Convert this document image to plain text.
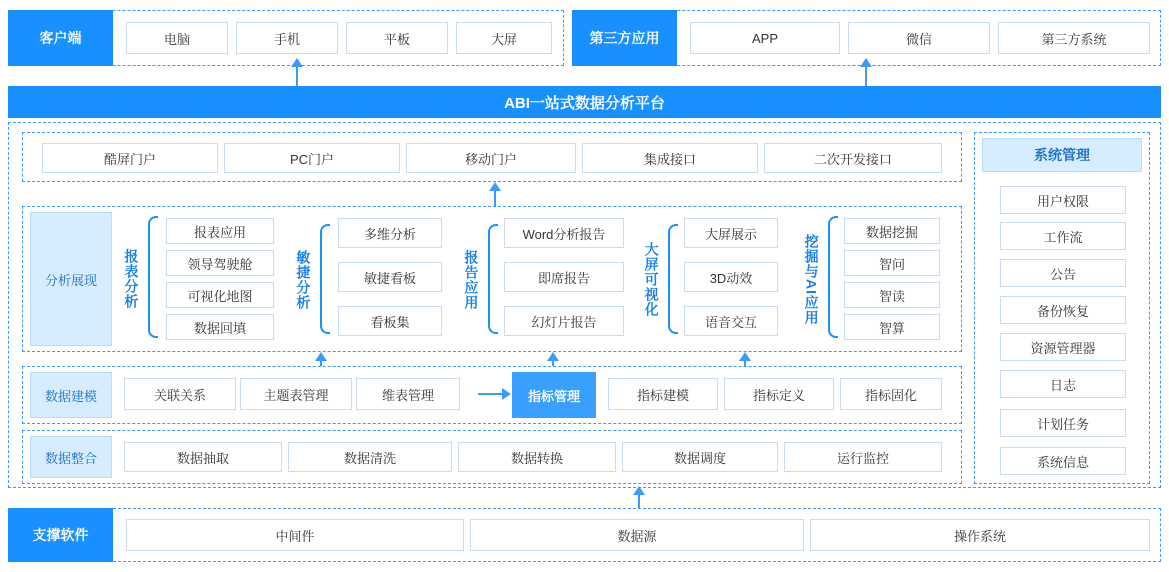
客户端	电脑	手机	平板	大屏	第三方应用	APP	微信	第三方系统
ABI一站式数据分析平台
酷屏门户	PC门户	移动门户	集成接口	二次开发接口
分析展现	报表分析
报表应用
领导驾驶舱
可视化地图
数据回填
敏捷分析
多维分析
敏捷看板
看板集
报告应用
Word分析报告
即席报告
幻灯片报告
大屏可视化
大屏展示
3D动效
语音交互	挖掘与AI应用
数据挖掘
智问
智读
智算
数据建模	关联关系	主题表管理	维表管理	指标管理	指标建模	指标定义	指标固化
数据整合	数据抽取	数据清洗	数据转换	数据调度	运行监控
系统管理
用户权限
工作流
公告
备份恢复
资源管理器
日志
计划任务
系统信息
支撑软件	中间件	数据源	操作系统
